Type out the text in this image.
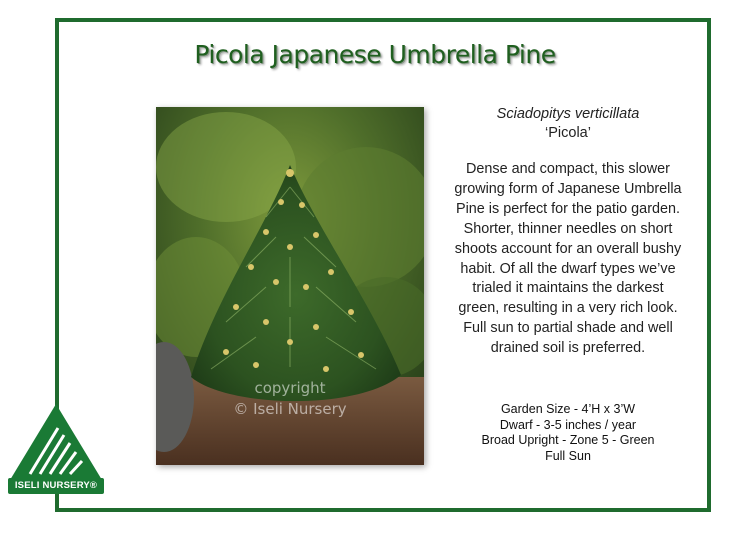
Picola Japanese Umbrella Pine
copyright
© Iseli Nursery
Sciadopitys verticillata
‘Picola’
Dense and compact, this slower growing form of Japanese Umbrella Pine is perfect for the patio garden. Shorter, thinner needles on short shoots account for an overall bushy habit. Of all the dwarf types we’ve trialed it maintains the darkest green, resulting in a very rich look. Full sun to partial shade and well drained soil is preferred.
Garden Size - 4’H x 3’W
Dwarf - 3-5 inches / year
Broad Upright - Zone 5 - Green
Full Sun
ISELI NURSERY®
